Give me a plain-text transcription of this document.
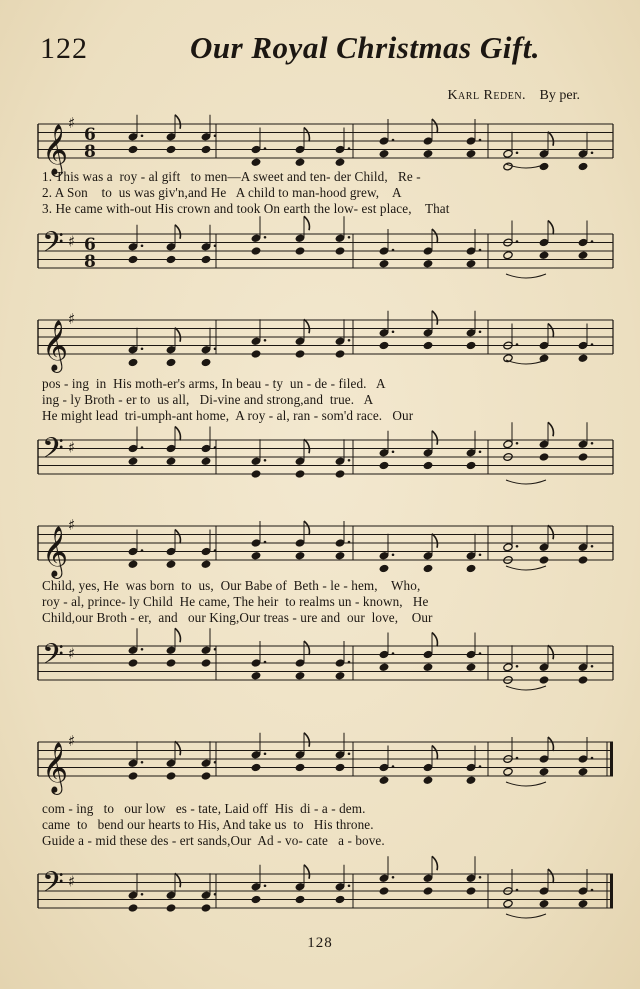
122	Our Royal Christmas Gift.
Karl Reden. By per.
𝄞
♯
6
8
1. This was a  roy - al gift   to men—A sweet and ten- der Child,   Re -
2. A Son    to  us was giv'n,and He   A child to man-hood grew,    A
3. He came with-out His crown and took On earth the low- est place,    That
𝄢 ♯ 6
8
𝄞
♯
pos - ing  in  His moth-er's arms, In beau - ty  un - de - filed.   A
ing - ly Broth - er to  us all,   Di-vine and strong,and  true.   A
He might lead  tri-umph-ant home,  A roy - al, ran - som'd race.   Our
𝄢 ♯
𝄞
♯
Child, yes, He  was born  to  us,  Our Babe of  Beth - le - hem,    Who,
roy - al, prince- ly Child  He came, The heir  to realms un - known,   He
Child,our Broth - er,  and   our King,Our treas - ure and  our  love,    Our
𝄢 ♯
𝄞
♯
com - ing   to   our low   es - tate, Laid off  His  di - a - dem.
came  to   bend our hearts to His, And take us  to   His throne.
Guide a - mid these des - ert sands,Our  Ad - vo- cate   a - bove.
𝄢 ♯
128
